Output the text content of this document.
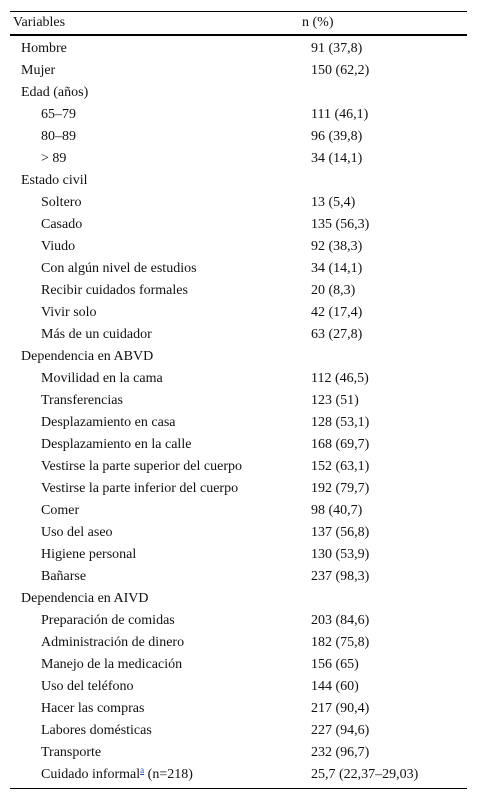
Variables	n (%)
Hombre	91 (37,8)
Mujer	150 (62,2)
Edad (años)
65–79	111 (46,1)
80–89	96 (39,8)
> 89	34 (14,1)
Estado civil
Soltero	13 (5,4)
Casado	135 (56,3)
Viudo	92 (38,3)
Con algún nivel de estudios	34 (14,1)
Recibir cuidados formales	20 (8,3)
Vivir solo	42 (17,4)
Más de un cuidador	63 (27,8)
Dependencia en ABVD
Movilidad en la cama	112 (46,5)
Transferencias	123 (51)
Desplazamiento en casa	128 (53,1)
Desplazamiento en la calle	168 (69,7)
Vestirse la parte superior del cuerpo	152 (63,1)
Vestirse la parte inferior del cuerpo	192 (79,7)
Comer	98 (40,7)
Uso del aseo	137 (56,8)
Higiene personal	130 (53,9)
Bañarse	237 (98,3)
Dependencia en AIVD
Preparación de comidas	203 (84,6)
Administración de dinero	182 (75,8)
Manejo de la medicación	156 (65)
Uso del teléfono	144 (60)
Hacer las compras	217 (90,4)
Labores domésticas	227 (94,6)
Transporte	232 (96,7)
Cuidado informal$^a$ (n=218)	25,7 (22,37–29,03)
